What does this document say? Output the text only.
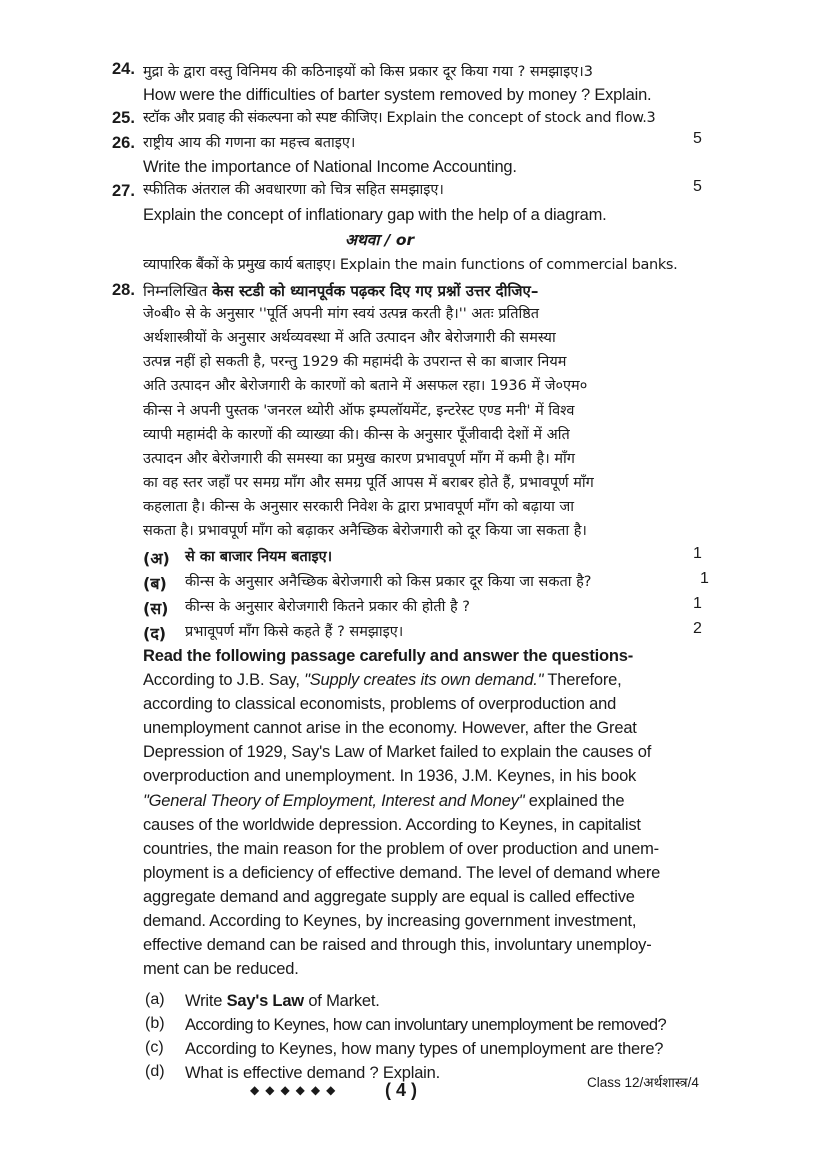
24. मुद्रा के द्वारा वस्तु विनिमय की कठिनाइयों को किस प्रकार दूर किया गया ? समझाइए।3
How were the difficulties of barter system removed by money ? Explain.
25. स्टॉक और प्रवाह की संकल्पना को स्पष्ट कीजिए। Explain the concept of stock and flow.3
26. राष्ट्रीय आय की गणना का महत्त्व बताइए।	5
Write the importance of National Income Accounting.
27. स्फीतिक अंतराल की अवधारणा को चित्र सहित समझाइए।	5
Explain the concept of inflationary gap with the help of a diagram.
अथवा / or
व्यापारिक बैंकों के प्रमुख कार्य बताइए। Explain the main functions of commercial banks.
28. निम्नलिखित केस स्टडी को ध्यानपूर्वक पढ़कर दिए गए प्रश्नों उत्तर दीजिए–
जे०बी० से के अनुसार ''पूर्ति अपनी मांग स्वयं उत्पन्न करती है।'' अतः प्रतिष्ठित
अर्थशास्त्रीयों के अनुसार अर्थव्यवस्था में अति उत्पादन और बेरोजगारी की समस्या
उत्पन्न नहीं हो सकती है, परन्तु 1929 की महामंदी के उपरान्त से का बाजार नियम
अति उत्पादन और बेरोजगारी के कारणों को बताने में असफल रहा। 1936 में जे०एम०
कीन्स ने अपनी पुस्तक 'जनरल थ्योरी ऑफ इम्पलॉयमेंट, इन्टरेस्ट एण्ड मनी' में विश्व
व्यापी महामंदी के कारणों की व्याख्या की। कीन्स के अनुसार पूँजीवादी देशों में अति
उत्पादन और बेरोजगारी की समस्या का प्रमुख कारण प्रभावपूर्ण माँग में कमी है। माँग
का वह स्तर जहाँ पर समग्र माँग और समग्र पूर्ति आपस में बराबर होते हैं, प्रभावपूर्ण माँग
कहलाता है। कीन्स के अनुसार सरकारी निवेश के द्वारा प्रभावपूर्ण माँग को बढ़ाया जा
सकता है। प्रभावपूर्ण माँग को बढ़ाकर अनैच्छिक बेरोजगारी को दूर किया जा सकता है।
(अ) से का बाजार नियम बताइए।	1
(ब) कीन्स के अनुसार अनैच्छिक बेरोजगारी को किस प्रकार दूर किया जा सकता है?	1
(स) कीन्स के अनुसार बेरोजगारी कितने प्रकार की होती है ?	1
(द) प्रभावूपर्ण माँग किसे कहते हैं ? समझाइए।	2
Read the following passage carefully and answer the questions-
According to J.B. Say, "Supply creates its own demand." Therefore,
according to classical economists, problems of overproduction and
unemployment cannot arise in the economy. However, after the Great
Depression of 1929, Say's Law of Market failed to explain the causes of
overproduction and unemployment. In 1936, J.M. Keynes, in his book
"General Theory of Employment, Interest and Money" explained the
causes of the worldwide depression. According to Keynes, in capitalist
countries, the main reason for the problem of over production and unem-
ployment is a deficiency of effective demand. The level of demand where
aggregate demand and aggregate supply are equal is called effective
demand. According to Keynes, by increasing government investment,
effective demand can be raised and through this, involuntary unemploy-
ment can be reduced.
(a) Write Say's Law of Market.
(b) According to Keynes, how can involuntary unemployment be removed?
(c) According to Keynes, how many types of unemployment are there?
(d) What is effective demand ? Explain.
◆◆◆◆◆◆ ( 4 )	Class 12/अर्थशास्त्र/4
